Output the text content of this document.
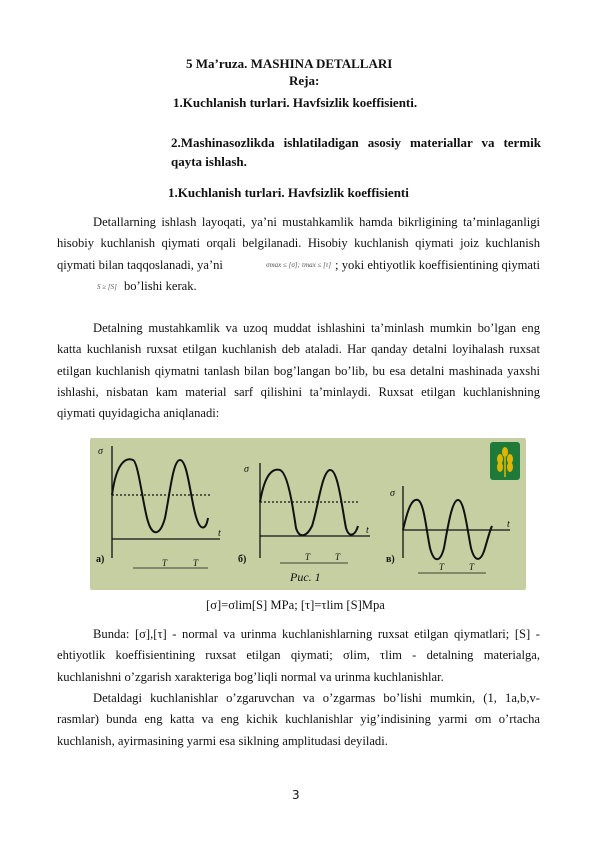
5 Ma’ruza. MASHINA DETALLARI
Reja:
1.Kuchlanish turlari. Havfsizlik koeffisienti.
2.Mashinasozlikda ishlatiladigan asosiy materiallar va termik qayta ishlash.
1.Kuchlanish turlari. Havfsizlik koeffisienti

Detallarning ishlash layoqati, ya’ni mustahkamlik hamda bikrligining ta’minlaganligi hisobiy kuchlanish qiymati orqali belgilanadi. Hisobiy kuchlanish qiymati joiz kuchlanish qiymati bilan taqqoslanadi, ya’ni	σmax ≤ [σ]; τmax ≤ [τ] ; yoki ehtiyotlik koeffisientining qiymati S ≥ [S] bo’lishi kerak.

Detalning mustahkamlik va uzoq muddat ishlashini ta’minlash mumkin bo’lgan eng katta kuchlanish ruxsat etilgan kuchlanish deb ataladi. Har qanday detalni loyihalash ruxsat etilgan kuchlanish qiymatni tanlash bilan bog’langan bo’lib, bu esa detalni mashinada yaxshi ishlashi, nisbatan kam material sarf qilishini ta’minlaydi. Ruxsat etilgan kuchlanishning qiymati quyidagicha aniqlanadi:

σ
t
σ
t
σ
t
a)	б)	в)
Рис. 1
T	T
T	T
T	T
[σ]=σlim[S] MPa; [τ]=τlim [S]Mpa

Bunda: [σ],[τ] - normal va urinma kuchlanishlarning ruxsat etilgan qiymatlari; [S] - ehtiyotlik koeffisientining ruxsat etilgan qiymati; σlim, τlim - detalning materialga, kuchlanishni o’zgarish xarakteriga bog’liqli normal va urinma kuchlanishlar.

Detaldagi kuchlanishlar o’zgaruvchan va o’zgarmas bo’lishi mumkin, (1, 1a,b,v-rasmlar) bunda eng katta va eng kichik kuchlanishlar yig’indisining yarmi σm o’rtacha kuchlanish, ayirmasining yarmi esa siklning amplitudasi deyiladi.

3
